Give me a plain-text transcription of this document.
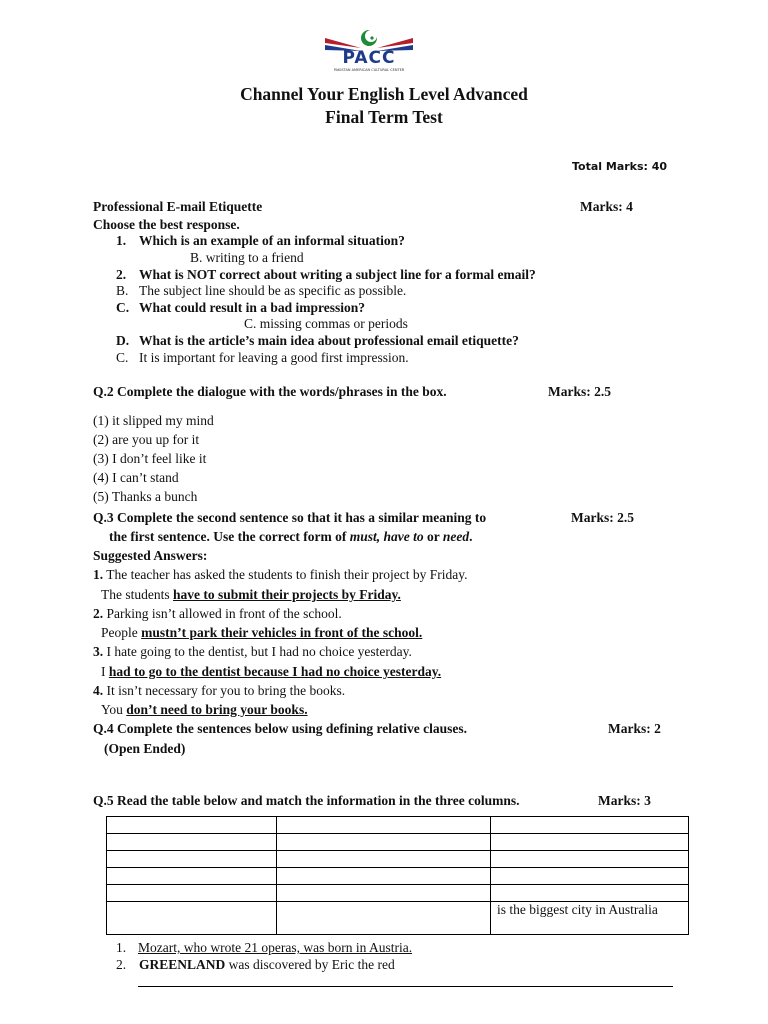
PACC
PAKISTAN AMERICAN CULTURAL CENTER
Channel Your English Level Advanced
Final Term Test
Total Marks: 40
Professional E-mail Etiquette	Marks: 4
Choose the best response.
1. Which is an example of an informal situation?
B. writing to a friend
2. What is NOT correct about writing a subject line for a formal email?
B. The subject line should be as specific as possible.
C. What could result in a bad impression?
C. missing commas or periods
D. What is the article’s main idea about professional email etiquette?
C. It is important for leaving a good first impression.
Q.2 Complete the dialogue with the words/phrases in the box.	Marks: 2.5
(1) it slipped my mind
(2) are you up for it
(3) I don’t feel like it
(4) I can’t stand
(5) Thanks a bunch
Q.3 Complete the second sentence so that it has a similar meaning to	Marks: 2.5
the first sentence. Use the correct form of must, have to or need.
Suggested Answers:
1. The teacher has asked the students to finish their project by Friday.
The students have to submit their projects by Friday.
2. Parking isn’t allowed in front of the school.
People mustn’t park their vehicles in front of the school.
3. I hate going to the dentist, but I had no choice yesterday.
I had to go to the dentist because I had no choice yesterday.
4. It isn’t necessary for you to bring the books.
You don’t need to bring your books.
Q.4 Complete the sentences below using defining relative clauses.	Marks: 2
(Open Ended)
Q.5 Read the table below and match the information in the three columns.	Marks: 3

		is the biggest city in Australia
1. Mozart, who wrote 21 operas, was born in Austria.
2. GREENLAND was discovered by Eric the red
